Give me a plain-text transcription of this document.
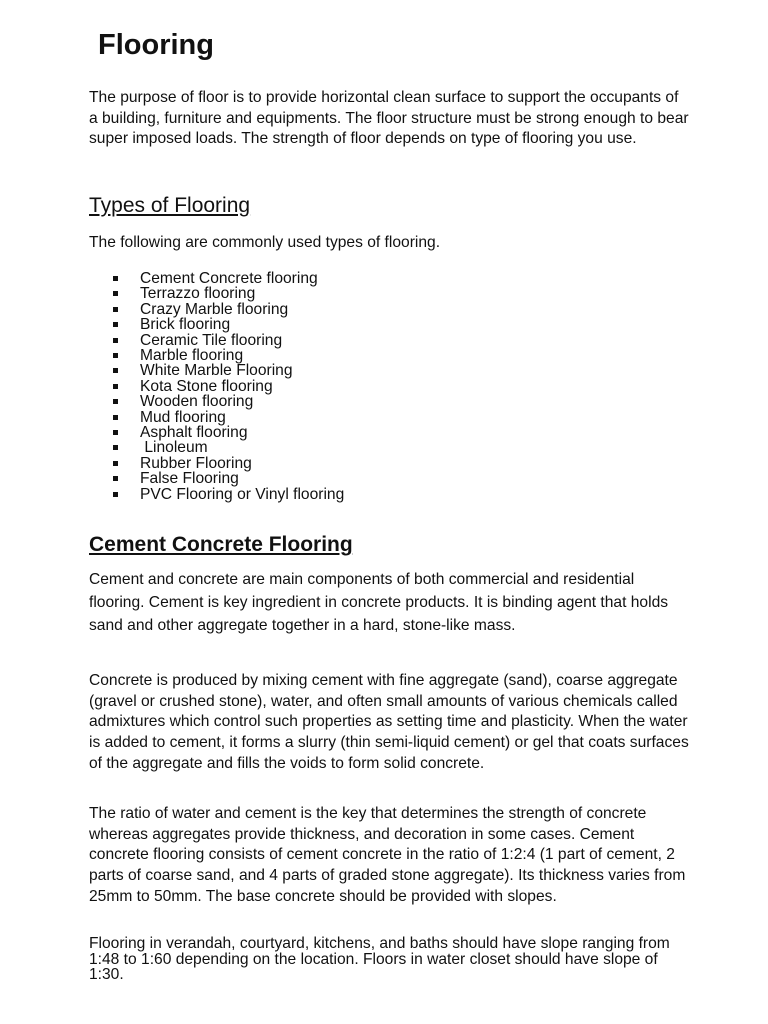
Flooring

The purpose of floor is to provide horizontal clean surface to support the occupants of a building, furniture and equipments. The floor structure must be strong enough to bear super imposed loads. The strength of floor depends on type of flooring you use.

Types of Flooring

The following are commonly used types of flooring.

Cement Concrete flooring
Terrazzo flooring
Crazy Marble flooring
Brick flooring
Ceramic Tile flooring
Marble flooring
White Marble Flooring
Kota Stone flooring
Wooden flooring
Mud flooring
Asphalt flooring
Linoleum
Rubber Flooring
False Flooring
PVC Flooring or Vinyl flooring
Cement Concrete Flooring

Cement and concrete are main components of both commercial and residential flooring. Cement is key ingredient in concrete products. It is binding agent that holds sand and other aggregate together in a hard, stone-like mass.

Concrete is produced by mixing cement with fine aggregate (sand), coarse aggregate (gravel or crushed stone), water, and often small amounts of various chemicals called admixtures which control such properties as setting time and plasticity. When the water is added to cement, it forms a slurry (thin semi-liquid cement) or gel that coats surfaces of the aggregate and fills the voids to form solid concrete.

The ratio of water and cement is the key that determines the strength of concrete whereas aggregates provide thickness, and decoration in some cases. Cement concrete flooring consists of cement concrete in the ratio of 1:2:4 (1 part of cement, 2 parts of coarse sand, and 4 parts of graded stone aggregate). Its thickness varies from 25mm to 50mm. The base concrete should be provided with slopes.

Flooring in verandah, courtyard, kitchens, and baths should have slope ranging from 1:48 to 1:60 depending on the location. Floors in water closet should have slope of 1:30.
